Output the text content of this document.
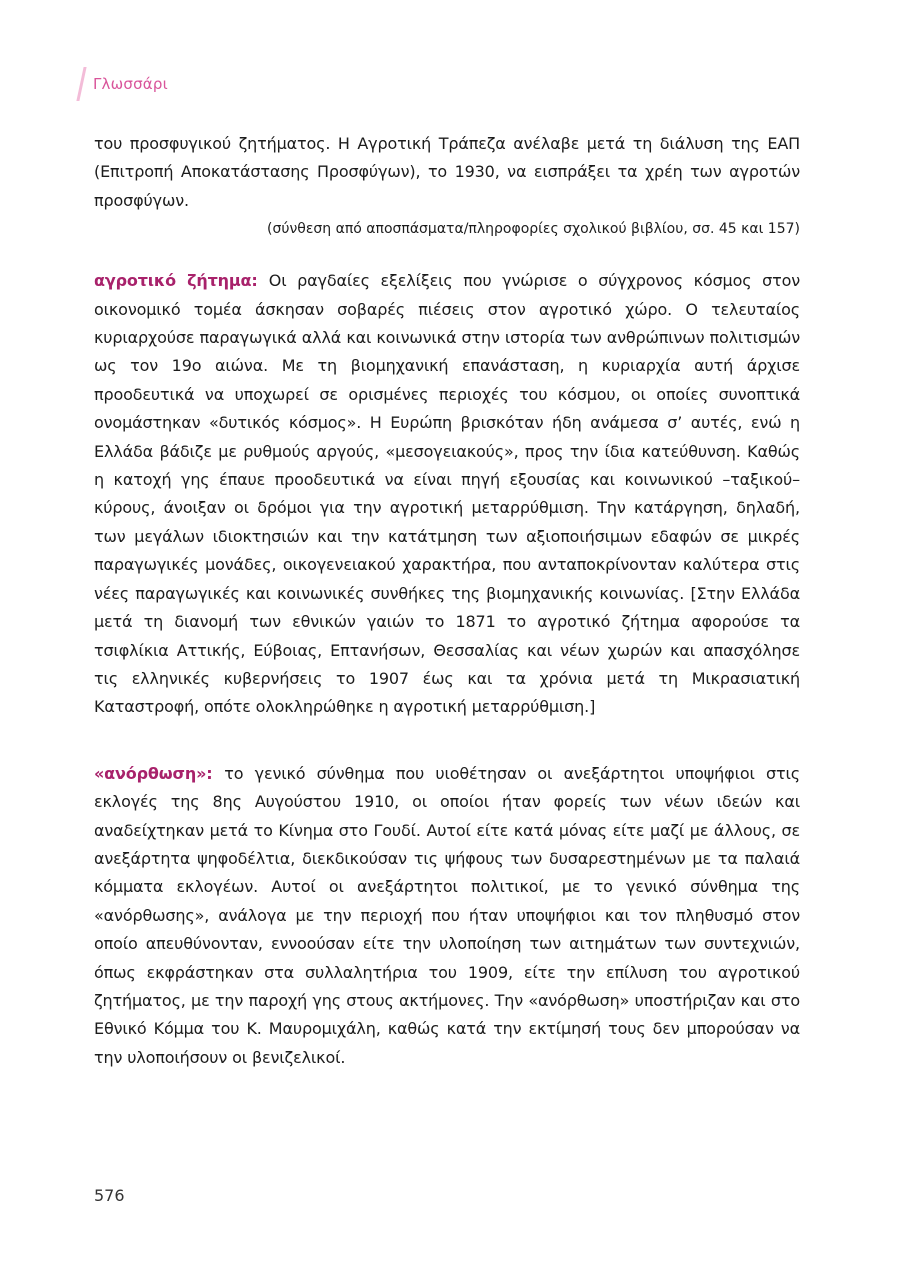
Γλωσσάρι

του προσφυγικού ζητήματος. Η Αγροτική Τράπεζα ανέλαβε μετά τη διάλυση της ΕΑΠ (Επιτροπή Αποκατάστασης Προσφύγων), το 1930, να εισπράξει τα χρέη των αγροτών προσφύγων.

(σύνθεση από αποσπάσματα/πληροφορίες σχολικού βιβλίου, σσ. 45 και 157)

αγροτικό ζήτημα: Οι ραγδαίες εξελίξεις που γνώρισε ο σύγχρονος κόσμος στον οικονομικό τομέα άσκησαν σοβαρές πιέσεις στον αγροτικό χώρο. Ο τελευταίος κυριαρχούσε παραγωγικά αλλά και κοινωνικά στην ιστορία των ανθρώπινων πολιτισμών ως τον 19ο αιώνα. Με τη βιομηχανική επανάσταση, η κυριαρχία αυτή άρχισε προοδευτικά να υποχωρεί σε ορισμένες περιοχές του κόσμου, οι οποίες συνοπτικά ονομάστηκαν «δυτικός κόσμος». Η Ευρώπη βρισκόταν ήδη ανάμεσα σ’ αυτές, ενώ η Ελλάδα βάδιζε με ρυθμούς αργούς, «μεσογειακούς», προς την ίδια κατεύθυνση. Καθώς η κατοχή γης έπαυε προοδευτικά να είναι πηγή εξουσίας και κοινωνικού –ταξικού– κύρους, άνοιξαν οι δρόμοι για την αγροτική μεταρρύθμιση. Την κατάργηση, δηλαδή, των μεγάλων ιδιοκτησιών και την κατάτμηση των αξιοποιήσιμων εδαφών σε μικρές παραγωγικές μονάδες, οικογενειακού χαρακτήρα, που ανταποκρίνονταν καλύτερα στις νέες παραγωγικές και κοινωνικές συνθήκες της βιομηχανικής κοινωνίας. [Στην Ελλάδα μετά τη διανομή των εθνικών γαιών το 1871 το αγροτικό ζήτημα αφορούσε τα τσιφλίκια Αττικής, Εύβοιας, Επτανήσων, Θεσσαλίας και νέων χωρών και απασχόλησε τις ελληνικές κυβερνήσεις το 1907 έως και τα χρόνια μετά τη Μικρασιατική Καταστροφή, οπότε ολοκληρώθηκε η αγροτική μεταρρύθμιση.]

«ανόρθωση»: το γενικό σύνθημα που υιοθέτησαν οι ανεξάρτητοι υποψήφιοι στις εκλογές της 8ης Αυγούστου 1910, οι οποίοι ήταν φορείς των νέων ιδεών και αναδείχτηκαν μετά το Κίνημα στο Γουδί. Αυτοί είτε κατά μόνας είτε μαζί με άλλους, σε ανεξάρτητα ψηφοδέλτια, διεκδικούσαν τις ψήφους των δυσαρεστημένων με τα παλαιά κόμματα εκλογέων. Αυτοί οι ανεξάρτητοι πολιτικοί, με το γενικό σύνθημα της «ανόρθωσης», ανάλογα με την περιοχή που ήταν υποψήφιοι και τον πληθυσμό στον οποίο απευθύνονταν, εννοούσαν είτε την υλοποίηση των αιτημάτων των συντεχνιών, όπως εκφράστηκαν στα συλλαλητήρια του 1909, είτε την επίλυση του αγροτικού ζητήματος, με την παροχή γης στους ακτήμονες. Την «ανόρθωση» υποστήριζαν και στο Εθνικό Κόμμα του Κ. Μαυρομιχάλη, καθώς κατά την εκτίμησή τους δεν μπορούσαν να την υλοποιήσουν οι βενιζελικοί.

576
